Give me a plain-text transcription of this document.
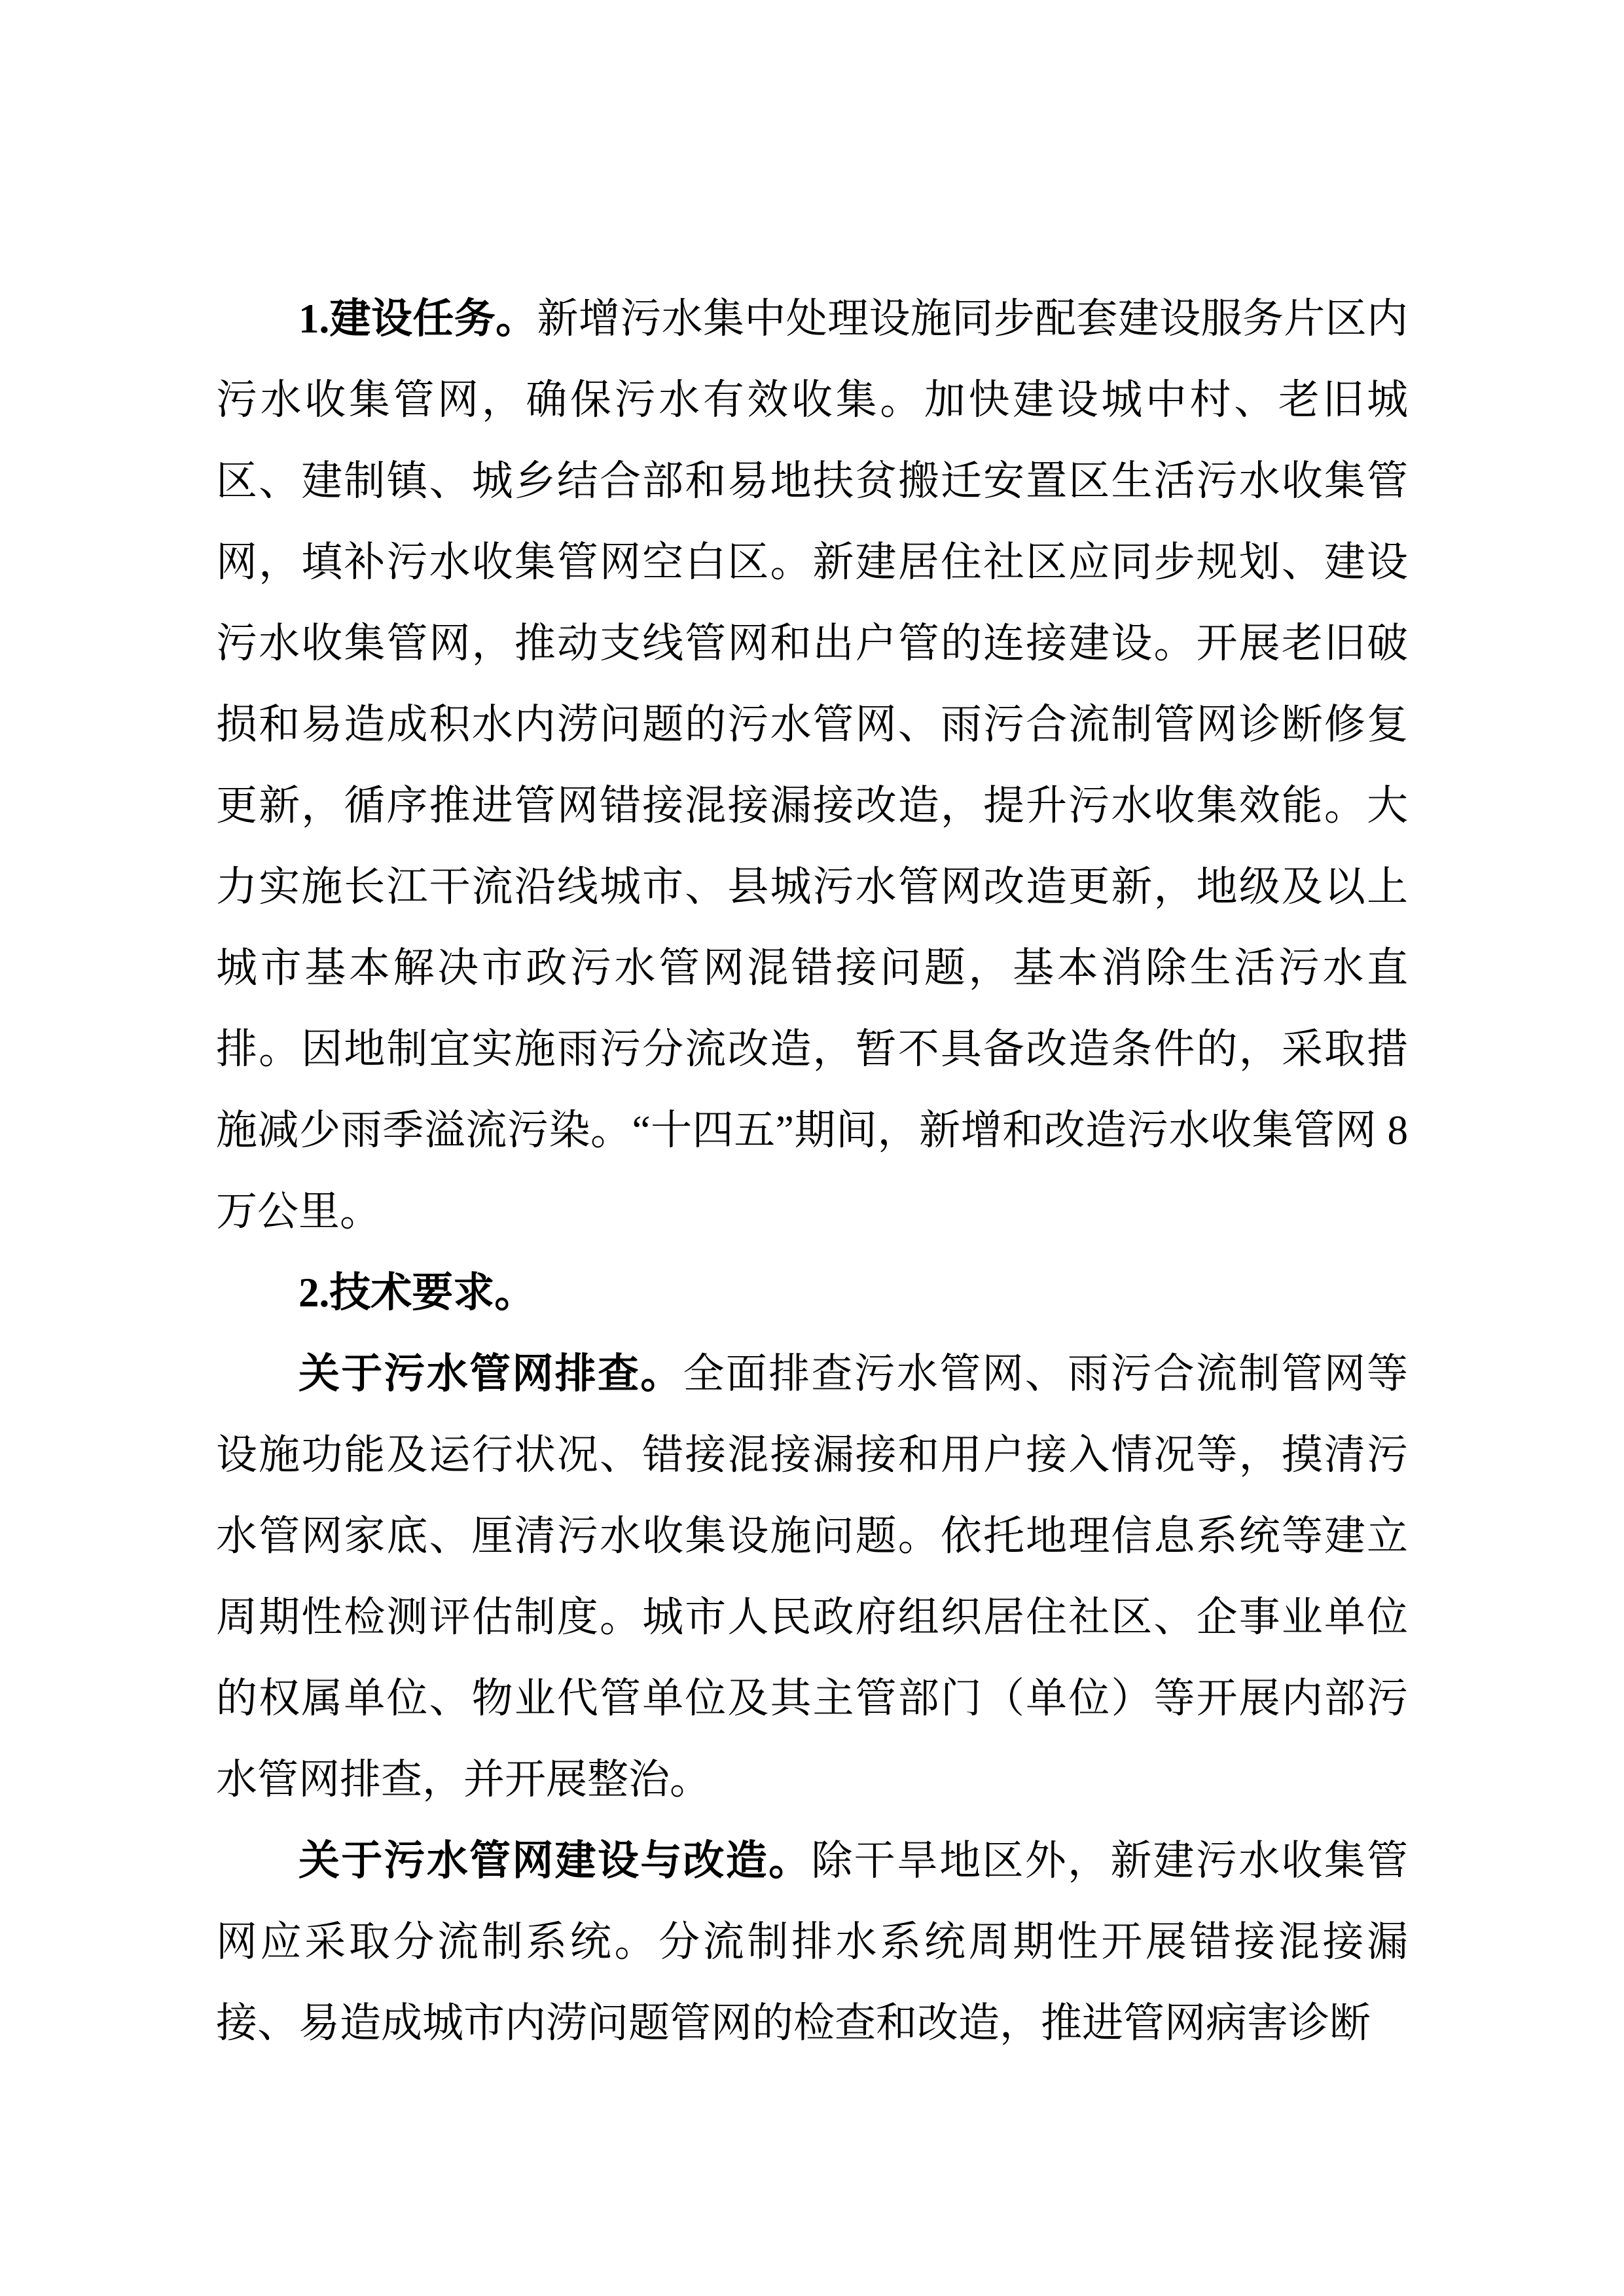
1.建设任务。新增污水集中处理设施同步配套建设服务片区内污水收集管网，确保污水有效收集。加快建设城中村、老旧城区、建制镇、城乡结合部和易地扶贫搬迁安置区生活污水收集管网，填补污水收集管网空白区。新建居住社区应同步规划、建设污水收集管网，推动支线管网和出户管的连接建设。开展老旧破损和易造成积水内涝问题的污水管网、雨污合流制管网诊断修复更新，循序推进管网错接混接漏接改造，提升污水收集效能。大力实施长江干流沿线城市、县城污水管网改造更新，地级及以上城市基本解决市政污水管网混错接问题，基本消除生活污水直排。因地制宜实施雨污分流改造，暂不具备改造条件的，采取措施减少雨季溢流污染。“十四五”期间，新增和改造污水收集管网 8 万公里。

2.技术要求。

关于污水管网排查。全面排查污水管网、雨污合流制管网等设施功能及运行状况、错接混接漏接和用户接入情况等，摸清污水管网家底、厘清污水收集设施问题。依托地理信息系统等建立周期性检测评估制度。城市人民政府组织居住社区、企事业单位的权属单位、物业代管单位及其主管部门（单位）等开展内部污水管网排查，并开展整治。

关于污水管网建设与改造。除干旱地区外，新建污水收集管网应采取分流制系统。分流制排水系统周期性开展错接混接漏接、易造成城市内涝问题管网的检查和改造，推进管网病害诊断
